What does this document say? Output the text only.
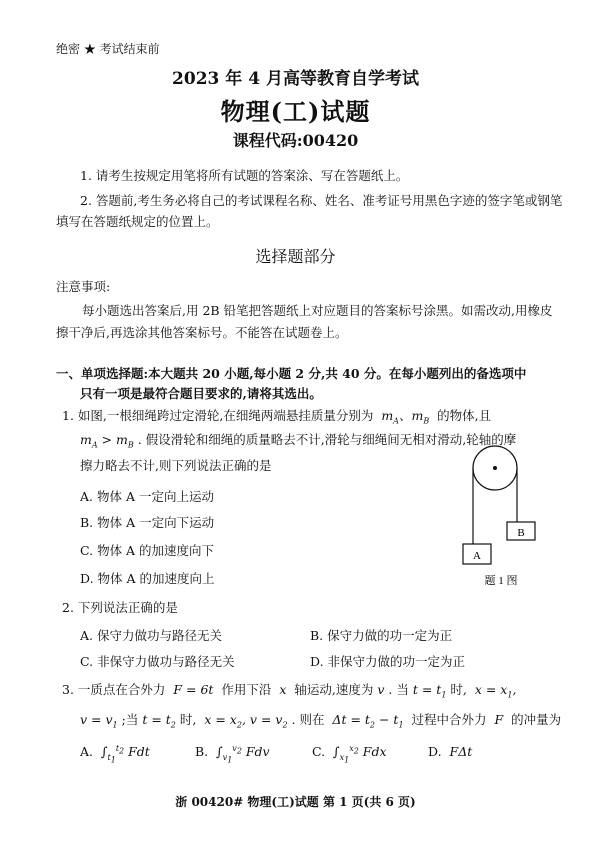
绝密 ★ 考试结束前
2023 年 4 月高等教育自学考试
物理(工)试题
课程代码:00420
1. 请考生按规定用笔将所有试题的答案涂、写在答题纸上。
2. 答题前,考生务必将自己的考试课程名称、姓名、准考证号用黑色字迹的签字笔或钢笔
填写在答题纸规定的位置上。
选择题部分
注意事项:
每小题选出答案后,用 2B 铅笔把答题纸上对应题目的答案标号涂黑。如需改动,用橡皮
擦干净后,再选涂其他答案标号。不能答在试题卷上。
一、单项选择题:本大题共 20 小题,每小题 2 分,共 40 分。在每小题列出的备选项中
只有一项是最符合题目要求的,请将其选出。
1. 如图,一根细绳跨过定滑轮,在细绳两端悬挂质量分别为  $m_A$、$m_B$ 的物体,且
$m_A > m_B$ . 假设滑轮和细绳的质量略去不计,滑轮与细绳间无相对滑动,轮轴的摩
擦力略去不计,则下列说法正确的是
A. 物体 A 一定向上运动
B. 物体 A 一定向下运动
C. 物体 A 的加速度向下
D. 物体 A 的加速度向上
A
B
题 1 图
2. 下列说法正确的是
A. 保守力做功与路径无关	B. 保守力做的功一定为正
C. 非保守力做功与路径无关	D. 非保守力做的功一定为正
3. 一质点在合外力  F = 6t  作用下沿  x  轴运动,速度为 v . 当 $t = t_1$ 时,  $x = x_1$,
$v = v_1$ ;当 $t = t_2$ 时,  $x = x_2$, $v = v_2$ . 则在  $\Delta t = t_2 - t_1$ 过程中合外力  F  的冲量为
A.  $\int_{t_1}^{t_2}$ Fdt	B.  $\int_{v_1}^{v_2}$ Fdv	C.  $\int_{x_1}^{x_2}$ Fdx	D.  FΔt
浙 00420# 物理(工)试题 第 1 页(共 6 页)
